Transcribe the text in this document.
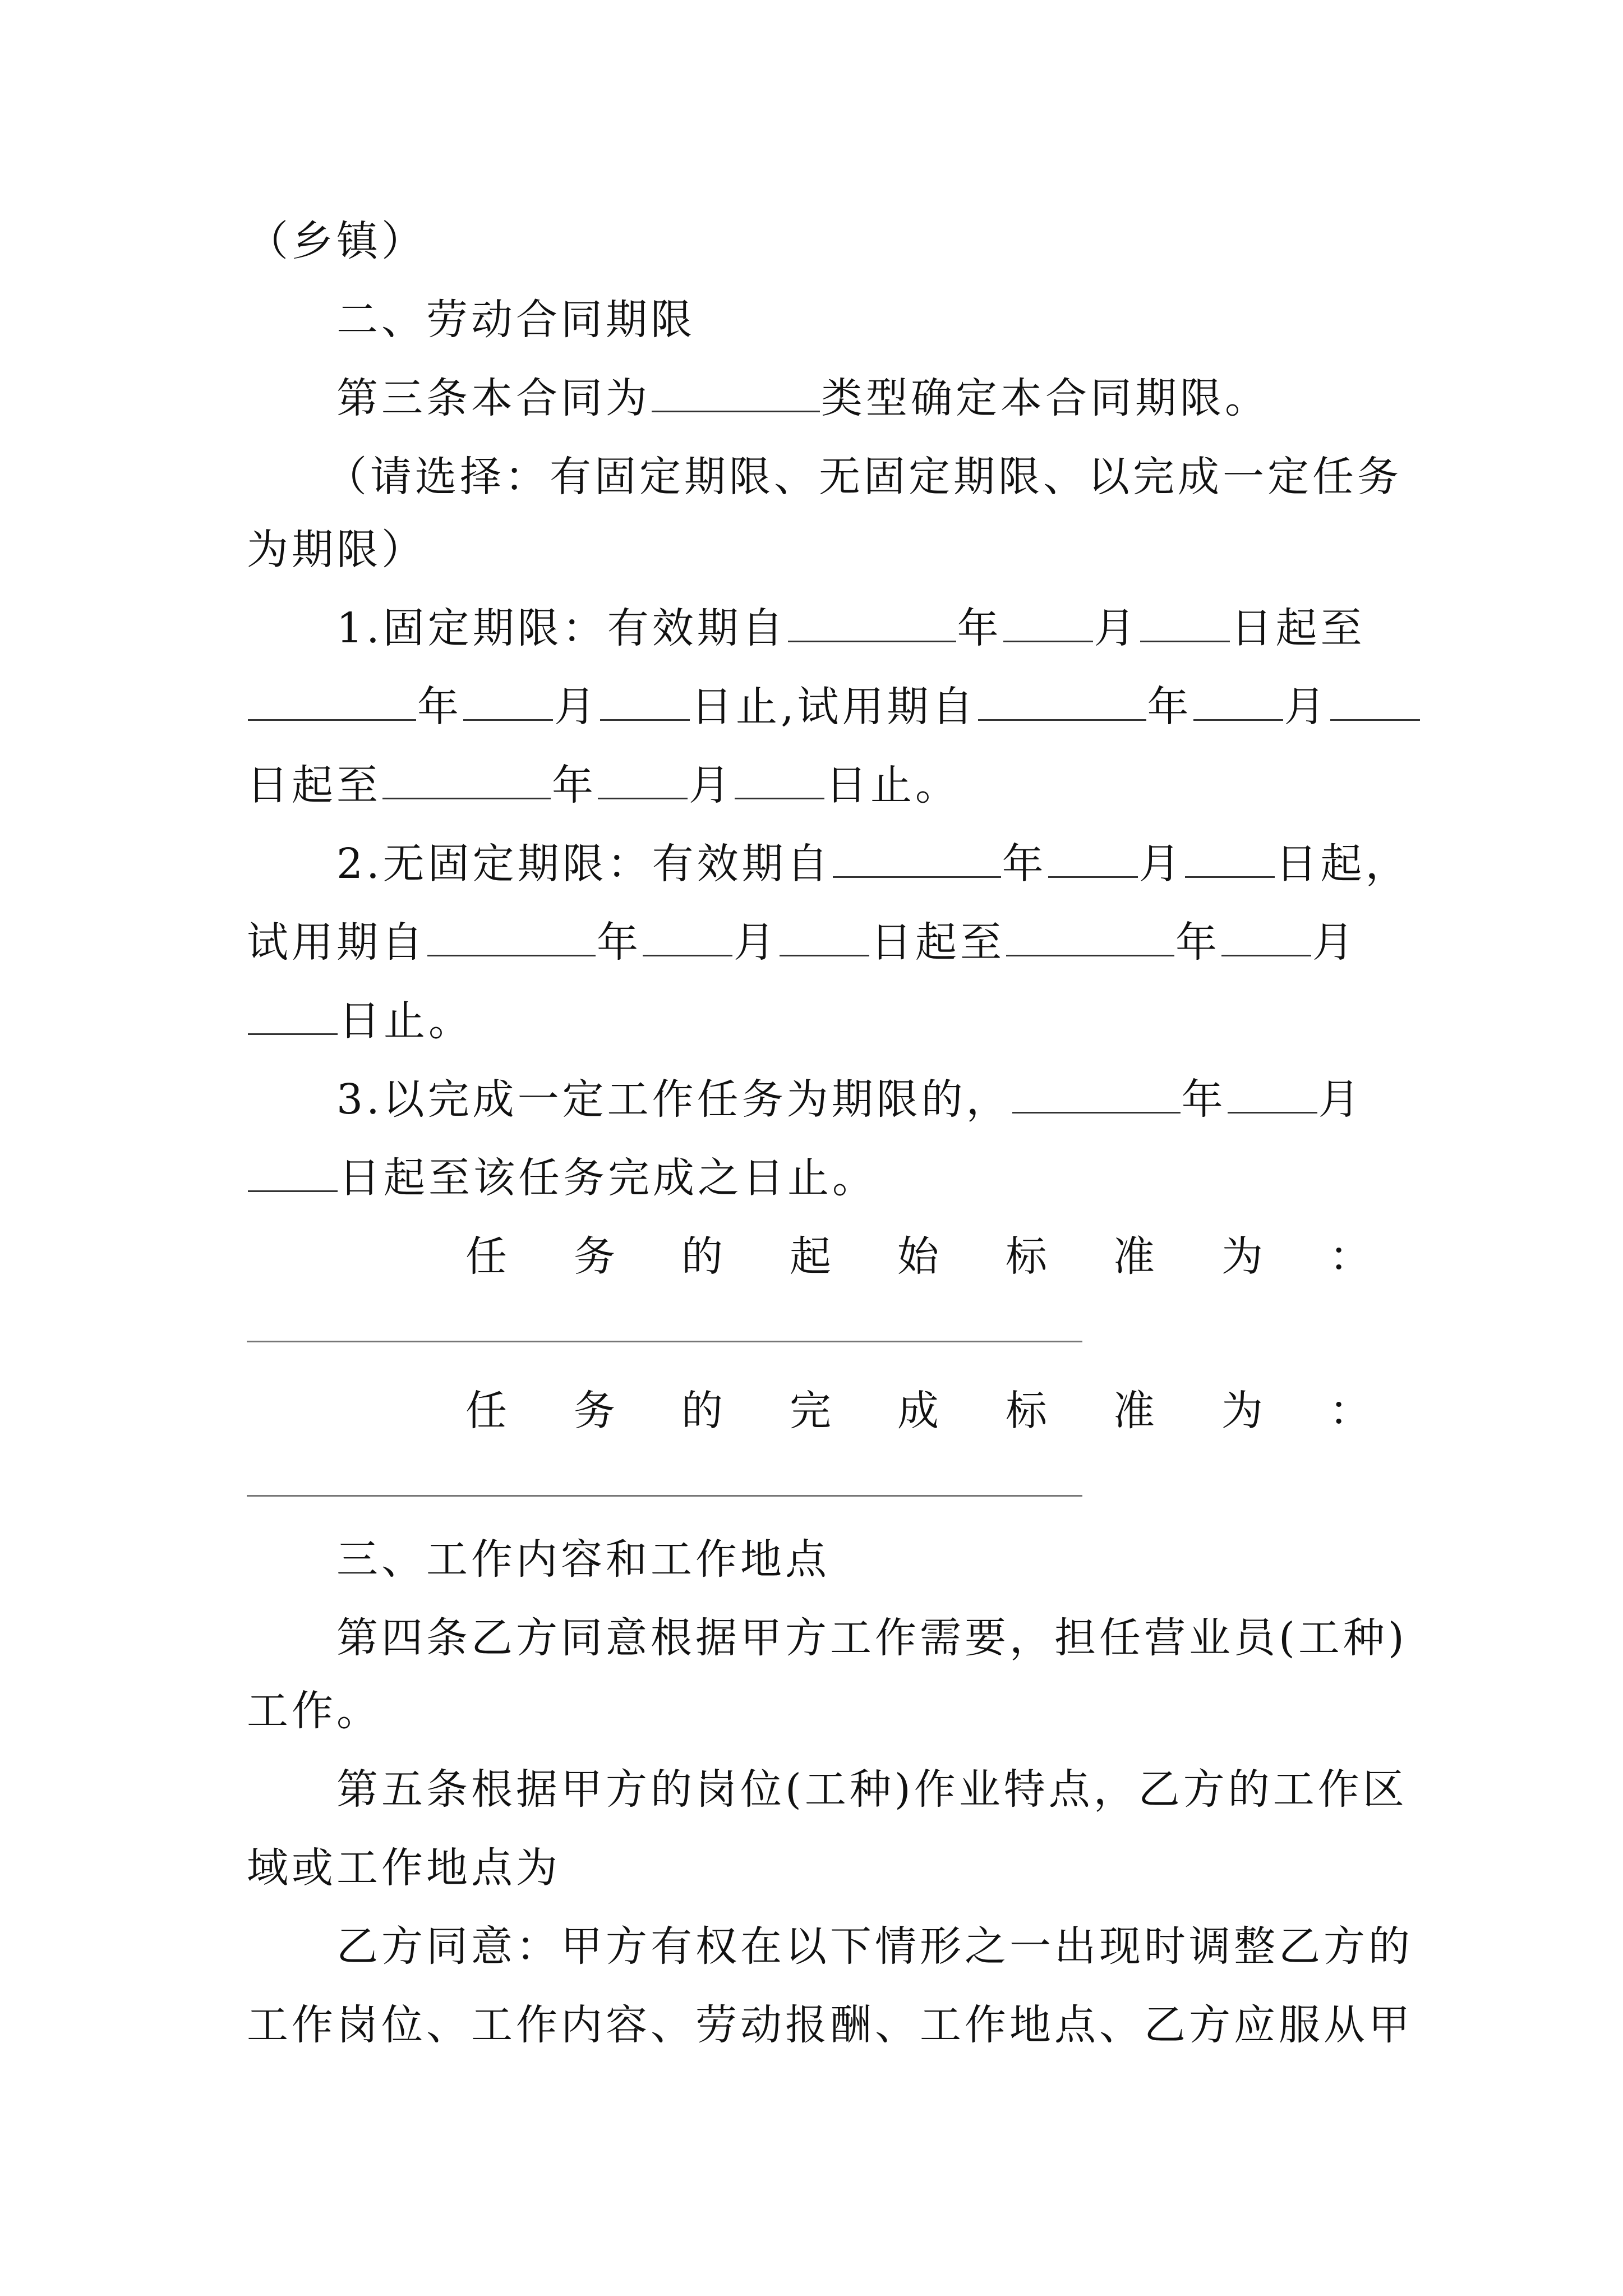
（乡镇）
二、劳动合同期限
第三条本合同为	类型确定本合同期限。
（请选择：有固定期限、无固定期限、以完成一定任务
为期限）
1.固定期限：有效期自	年 月 日起至
年 月 日止,试用期自	年 月
日起至	年 月 日止。
2.无固定期限：有效期自	年 月 日起，
试用期自	年 月 日起至	年 月
日止。
3.以完成一定工作任务为期限的，	年 月
日起至该任务完成之日止。
任 务 的 起 始 标 准 为 ：
任 务 的 完 成 标 准 为 ：
三、工作内容和工作地点
第四条乙方同意根据甲方工作需要，担任营业员(工种)
工作。
第五条根据甲方的岗位(工种)作业特点，乙方的工作区
域或工作地点为
乙方同意：甲方有权在以下情形之一出现时调整乙方的
工作岗位、工作内容、劳动报酬、工作地点、乙方应服从甲
